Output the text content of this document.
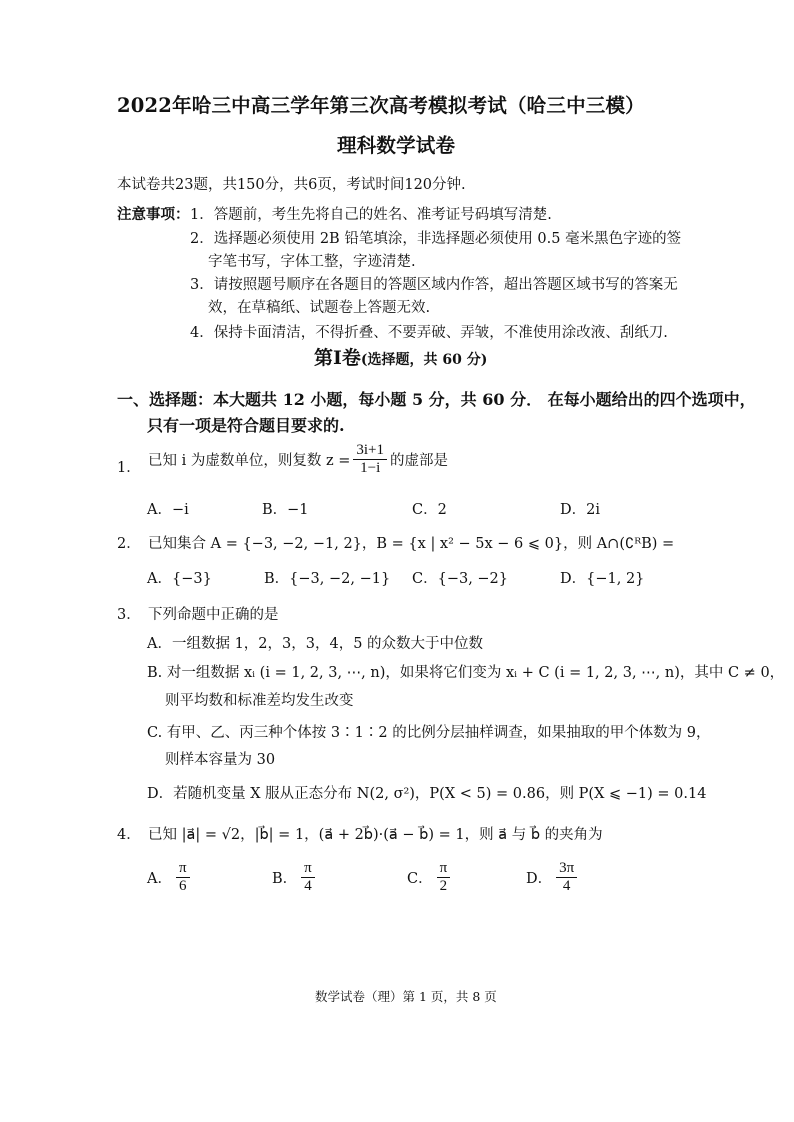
2022年哈三中高三学年第三次高考模拟考试（哈三中三模）
理科数学试卷
本试卷共23题，共150分，共6页，考试时间120分钟.
注意事项： 1．答题前，考生先将自己的姓名、准考证号码填写清楚.
2．选择题必须使用 2B 铅笔填涂，非选择题必须使用 0.5 毫米黑色字迹的签
字笔书写，字体工整，字迹清楚.
3．请按照题号顺序在各题目的答题区域内作答，超出答题区域书写的答案无
效，在草稿纸、试题卷上答题无效.
4．保持卡面清洁，不得折叠、不要弄破、弄皱，不准使用涂改液、刮纸刀.
第Ⅰ卷(选择题，共 60 分)
一、选择题：本大题共 12 小题，每小题 5 分，共 60 分． 在每小题给出的四个选项中，
只有一项是符合题目要求的.
1． 已知 i 为虚数单位，则复数 $z = \frac{3i+1}{1-i}$ 的虚部是
A．−i	B．−1	C．2	D．2i
2． 已知集合 A = {−3, −2, −1, 2}，B = {x | x² − 5x − 6 ⩽ 0}，则 A∩(∁ᴿB) =
A．{−3}	B．{−3, −2, −1} C．{−3, −2}	D．{−1, 2}
3． 下列命题中正确的是
A．一组数据 1，2，3，3，4，5 的众数大于中位数
B. 对一组数据 xᵢ (i = 1, 2, 3, ⋯, n)，如果将它们变为 xᵢ + C (i = 1, 2, 3, ⋯, n)，其中 C ≠ 0，
则平均数和标准差均发生改变
C. 有甲、乙、丙三种个体按 3∶1∶2 的比例分层抽样调查，如果抽取的甲个体数为 9，
则样本容量为 30
D．若随机变量 X 服从正态分布 N(2, σ²)，P(X < 5) = 0.86，则 P(X ⩽ −1) = 0.14
4． 已知 |a⃗| = √2，|b⃗| = 1，(a⃗ + 2b⃗)·(a⃗ − b⃗) = 1，则 a⃗ 与 b⃗ 的夹角为
A． $\frac{\pi}{6}$	B． $\frac{\pi}{4}$	C． $\frac{\pi}{2}$	D． $\frac{3\pi}{4}$
数学试卷（理）第 1 页，共 8 页
